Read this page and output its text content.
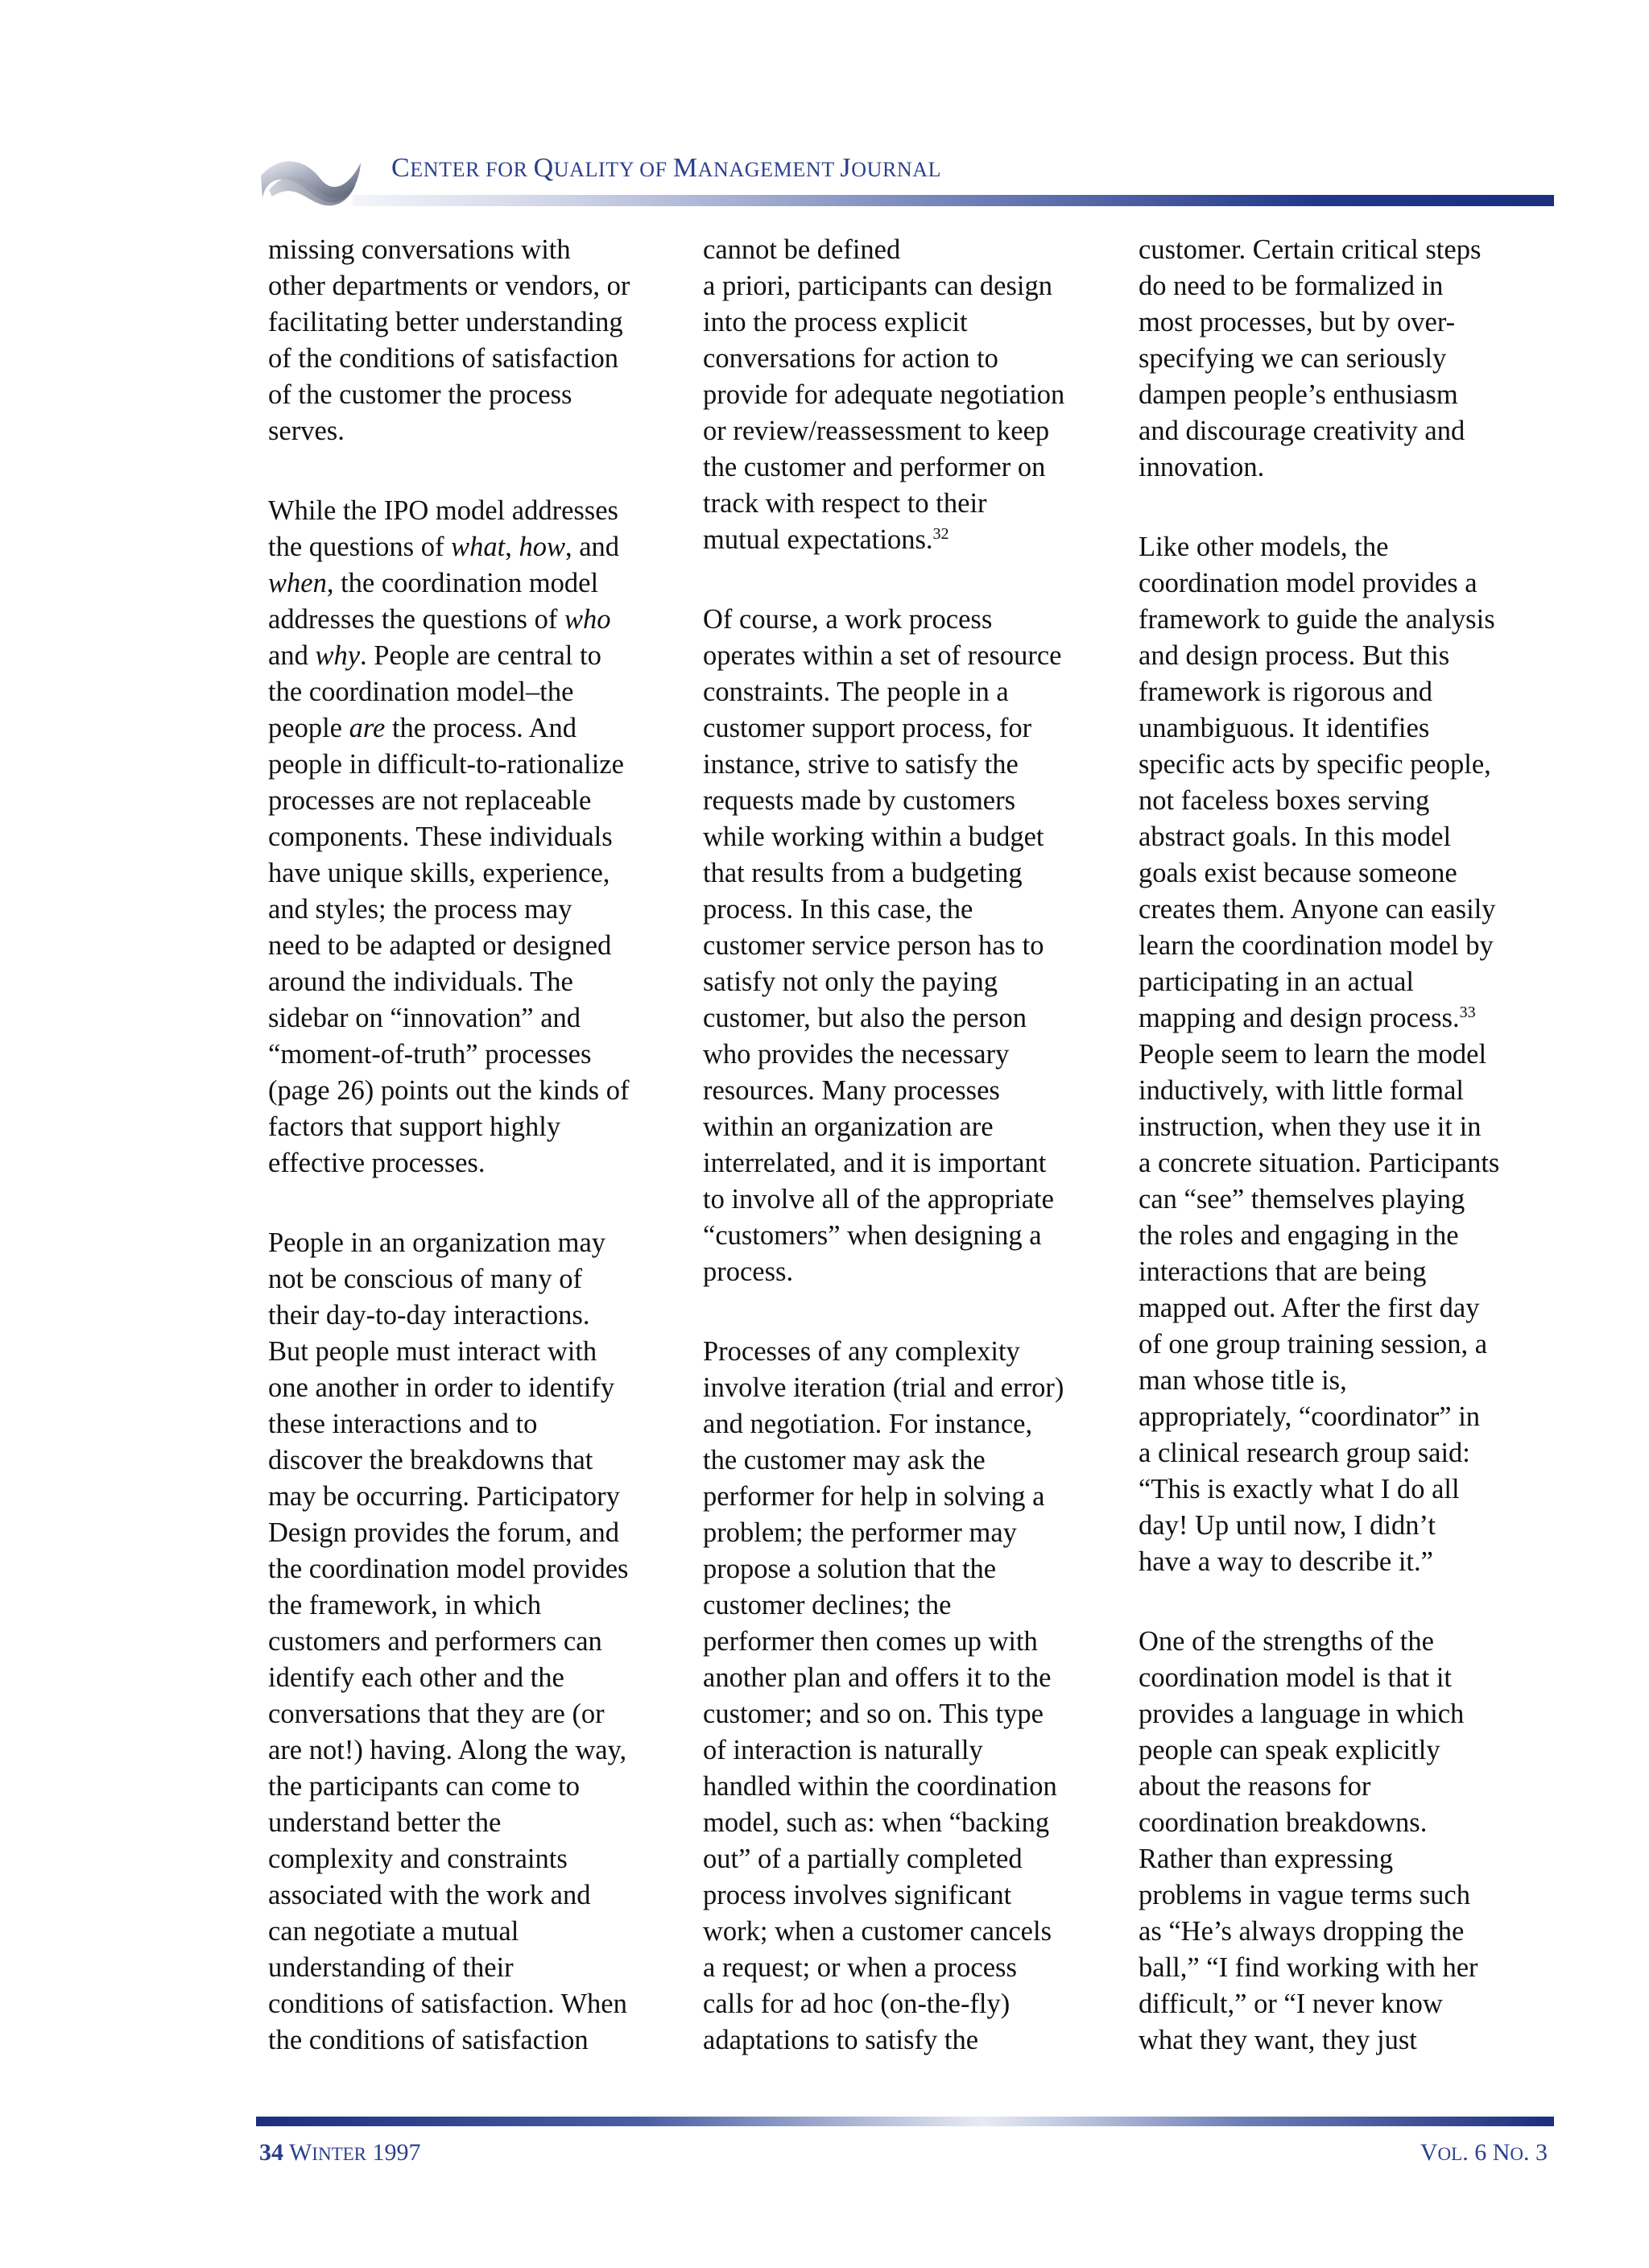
CENTER FOR QUALITY OF MANAGEMENT JOURNAL

missing conversations with
other departments or vendors, or
facilitating better understanding
of the conditions of satisfaction
of the customer the process
serves.

While the IPO model addresses
the questions of what, how, and
when, the coordination model
addresses the questions of who
and why. People are central to
the coordination model–the
people are the process. And
people in difficult-to-rationalize
processes are not replaceable
components. These individuals
have unique skills, experience,
and styles; the process may
need to be adapted or designed
around the individuals. The
sidebar on “innovation” and
“moment-of-truth” processes
(page 26) points out the kinds of
factors that support highly
effective processes.

People in an organization may
not be conscious of many of
their day-to-day interactions.
But people must interact with
one another in order to identify
these interactions and to
discover the breakdowns that
may be occurring. Participatory
Design provides the forum, and
the coordination model provides
the framework, in which
customers and performers can
identify each other and the
conversations that they are (or
are not!) having. Along the way,
the participants can come to
understand better the
complexity and constraints
associated with the work and
can negotiate a mutual
understanding of their
conditions of satisfaction. When
the conditions of satisfaction

cannot be defined
a priori, participants can design
into the process explicit
conversations for action to
provide for adequate negotiation
or review/reassessment to keep
the customer and performer on
track with respect to their
mutual expectations.$^{32}$

Of course, a work process
operates within a set of resource
constraints. The people in a
customer support process, for
instance, strive to satisfy the
requests made by customers
while working within a budget
that results from a budgeting
process. In this case, the
customer service person has to
satisfy not only the paying
customer, but also the person
who provides the necessary
resources. Many processes
within an organization are
interrelated, and it is important
to involve all of the appropriate
“customers” when designing a
process.

Processes of any complexity
involve iteration (trial and error)
and negotiation. For instance,
the customer may ask the
performer for help in solving a
problem; the performer may
propose a solution that the
customer declines; the
performer then comes up with
another plan and offers it to the
customer; and so on. This type
of interaction is naturally
handled within the coordination
model, such as: when “backing
out” of a partially completed
process involves significant
work; when a customer cancels
a request; or when a process
calls for ad hoc (on-the-fly)
adaptations to satisfy the

customer. Certain critical steps
do need to be formalized in
most processes, but by over-
specifying we can seriously
dampen people’s enthusiasm
and discourage creativity and
innovation.

Like other models, the
coordination model provides a
framework to guide the analysis
and design process. But this
framework is rigorous and
unambiguous. It identifies
specific acts by specific people,
not faceless boxes serving
abstract goals. In this model
goals exist because someone
creates them. Anyone can easily
learn the coordination model by
participating in an actual
mapping and design process.$^{33}$
People seem to learn the model
inductively, with little formal
instruction, when they use it in
a concrete situation. Participants
can “see” themselves playing
the roles and engaging in the
interactions that are being
mapped out. After the first day
of one group training session, a
man whose title is,
appropriately, “coordinator” in
a clinical research group said:
“This is exactly what I do all
day! Up until now, I didn’t
have a way to describe it.”

One of the strengths of the
coordination model is that it
provides a language in which
people can speak explicitly
about the reasons for
coordination breakdowns.
Rather than expressing
problems in vague terms such
as “He’s always dropping the
ball,” “I find working with her
difficult,” or “I never know
what they want, they just

34 WINTER 1997	VOL. 6 NO. 3
